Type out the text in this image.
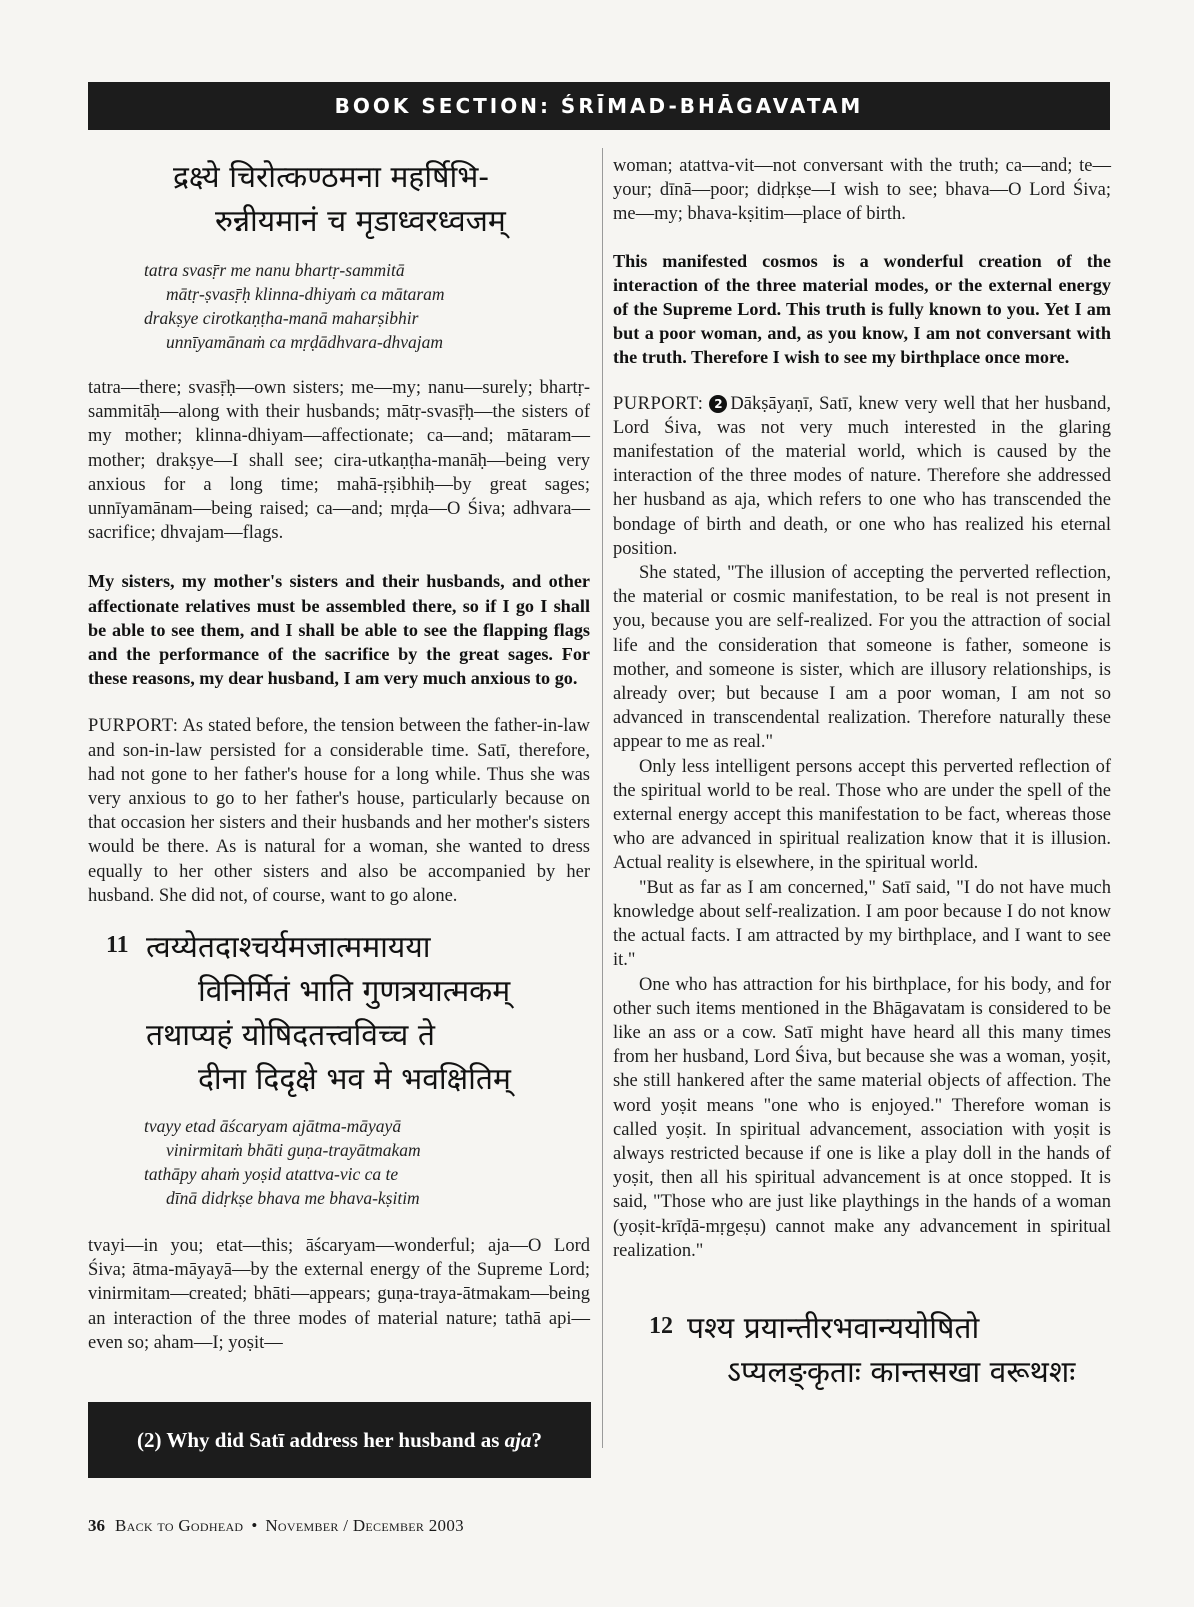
BOOK SECTION: ŚRĪMAD-BHĀGAVATAM
द्रक्ष्ये चिरोत्कण्ठमना महर्षिभि-
रुन्नीयमानं च मृडाध्वरध्वजम्
tatra svasṝr me nanu bhartṛ-sammitā
mātṛ-ṣvasṝḥ klinna-dhiyaṁ ca mātaram
drakṣye cirotkaṇṭha-manā maharṣibhir
unnīyamānaṁ ca mṛḍādhvara-dhvajam

tatra—there; svasṝḥ—own sisters; me—my; nanu—surely; bhartṛ-sammitāḥ—along with their husbands; mātṛ-svasṝḥ—the sisters of my mother; klinna-dhiyam—affectionate; ca—and; mātaram—mother; drakṣye—I shall see; cira-utkaṇṭha-manāḥ—being very anxious for a long time; mahā-ṛṣibhiḥ—by great sages; unnīyamānam—being raised; ca—and; mṛḍa—O Śiva; adhvara—sacrifice; dhvajam—flags.

My sisters, my mother's sisters and their husbands, and other affectionate relatives must be assembled there, so if I go I shall be able to see them, and I shall be able to see the flapping flags and the performance of the sacrifice by the great sages. For these reasons, my dear husband, I am very much anxious to go.

PURPORT: As stated before, the tension between the father-in-law and son-in-law persisted for a considerable time. Satī, therefore, had not gone to her father's house for a long while. Thus she was very anxious to go to her father's house, particularly because on that occasion her sisters and their husbands and her mother's sisters would be there. As is natural for a woman, she wanted to dress equally to her other sisters and also be accompanied by her husband. She did not, of course, want to go alone.

11 त्वय्येतदाश्चर्यमजात्ममायया
विनिर्मितं भाति गुणत्रयात्मकम्
तथाप्यहं योषिदतत्त्वविच्च ते
दीना दिदृक्षे भव मे भवक्षितिम्
tvayy etad āścaryam ajātma-māyayā
vinirmitaṁ bhāti guṇa-trayātmakam
tathāpy ahaṁ yoṣid atattva-vic ca te
dīnā didṛkṣe bhava me bhava-kṣitim

tvayi—in you; etat—this; āścaryam—wonderful; aja—O Lord Śiva; ātma-māyayā—by the external energy of the Supreme Lord; vinirmitam—created; bhāti—appears; guṇa-traya-ātmakam—being an interaction of the three modes of material nature; tathā api—even so; aham—I; yoṣit—

(2) Why did Satī address her husband as aja?

woman; atattva-vit—not conversant with the truth; ca—and; te—your; dīnā—poor; didṛkṣe—I wish to see; bhava—O Lord Śiva; me—my; bhava-kṣitim—place of birth.

This manifested cosmos is a wonderful creation of the interaction of the three material modes, or the external energy of the Supreme Lord. This truth is fully known to you. Yet I am but a poor woman, and, as you know, I am not conversant with the truth. Therefore I wish to see my birthplace once more.

PURPORT: 2 Dākṣāyaṇī, Satī, knew very well that her husband, Lord Śiva, was not very much interested in the glaring manifestation of the material world, which is caused by the interaction of the three modes of nature. Therefore she addressed her husband as aja, which refers to one who has transcended the bondage of birth and death, or one who has realized his eternal position.

She stated, "The illusion of accepting the perverted reflection, the material or cosmic manifestation, to be real is not present in you, because you are self-realized. For you the attraction of social life and the consideration that someone is father, someone is mother, and someone is sister, which are illusory relationships, is already over; but because I am a poor woman, I am not so advanced in transcendental realization. Therefore naturally these appear to me as real."

Only less intelligent persons accept this perverted reflection of the spiritual world to be real. Those who are under the spell of the external energy accept this manifestation to be fact, whereas those who are advanced in spiritual realization know that it is illusion. Actual reality is elsewhere, in the spiritual world.

"But as far as I am concerned," Satī said, "I do not have much knowledge about self-realization. I am poor because I do not know the actual facts. I am attracted by my birthplace, and I want to see it."

One who has attraction for his birthplace, for his body, and for other such items mentioned in the Bhāgavatam is considered to be like an ass or a cow. Satī might have heard all this many times from her husband, Lord Śiva, but because she was a woman, yoṣit, she still hankered after the same material objects of affection. The word yoṣit means "one who is enjoyed." Therefore woman is called yoṣit. In spiritual advancement, association with yoṣit is always restricted because if one is like a play doll in the hands of yoṣit, then all his spiritual advancement is at once stopped. It is said, "Those who are just like playthings in the hands of a woman (yoṣit-krīḍā-mṛgeṣu) cannot make any advancement in spiritual realization."

12 पश्य प्रयान्तीरभवान्ययोषितो
ऽप्यलङ्कृताः कान्तसखा वरूथशः
36 Back to Godhead • November / December 2003
